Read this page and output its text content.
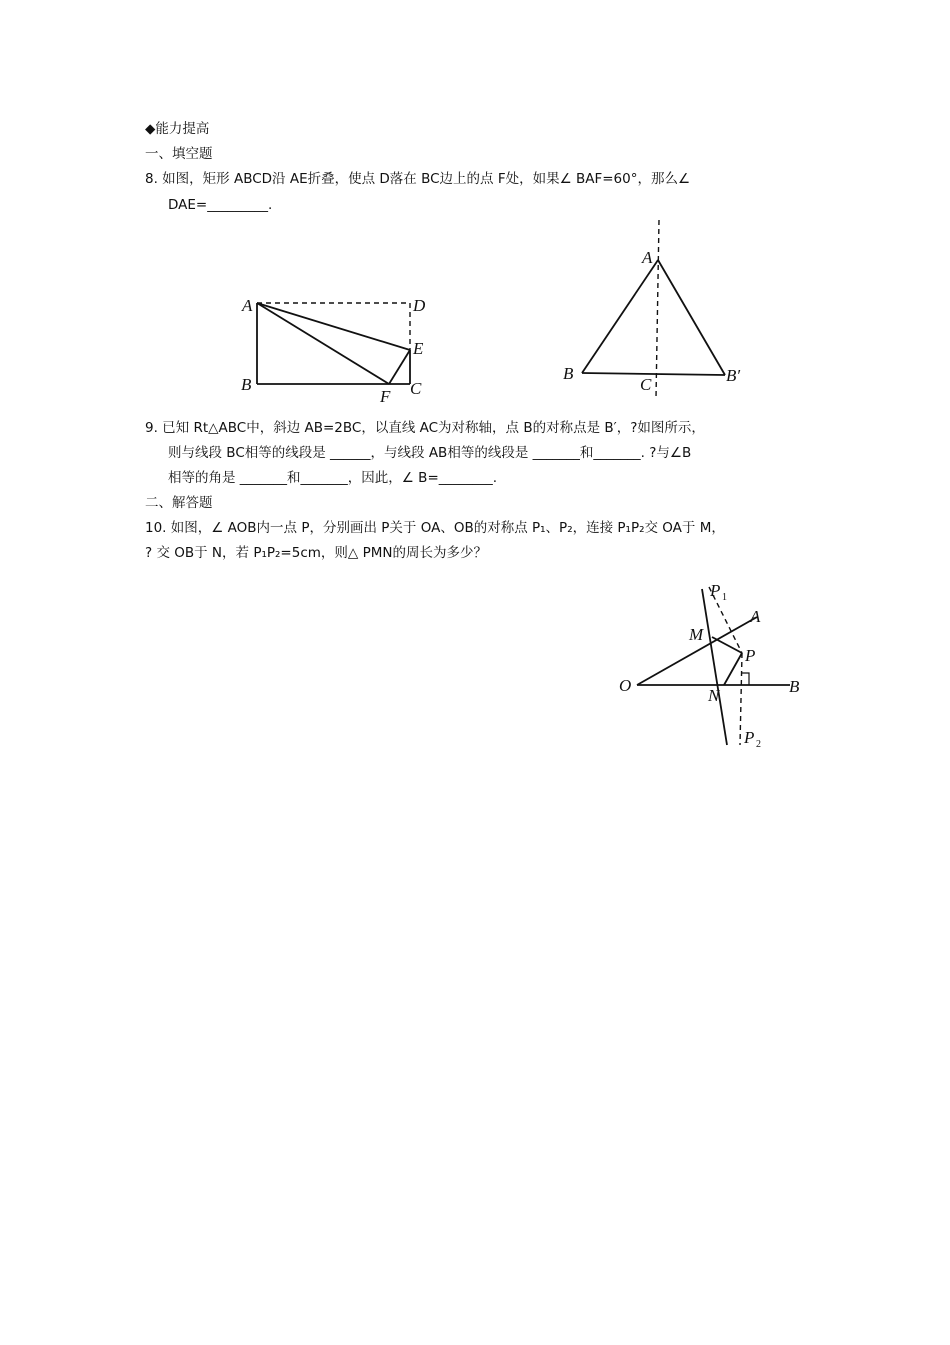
◆能力提高
一、填空题
8. 如图，矩形 ABCD沿 AE折叠，使点 D落在 BC边上的点 F处，如果∠ BAF=60°，那么∠
DAE=_________.
A	D
E
B
F C
A
B
C	B′
9. 已知 Rt△ABC中，斜边 AB=2BC，以直线 AC为对称轴，点 B的对称点是 B′，?如图所示，
则与线段 BC相等的线段是 ______，与线段 AB相等的线段是 _______和_______. ?与∠B
相等的角是 _______和_______，因此，∠ B=________.
二、解答题
10. 如图，∠ AOB内一点 P，分别画出 P关于 OA、OB的对称点 P₁、P₂，连接 P₁P₂交 OA于 M，
? 交 OB于 N，若 P₁P₂=5cm，则△ PMN的周长为多少？
P 1
A
M
P
O
N	B
P 2
